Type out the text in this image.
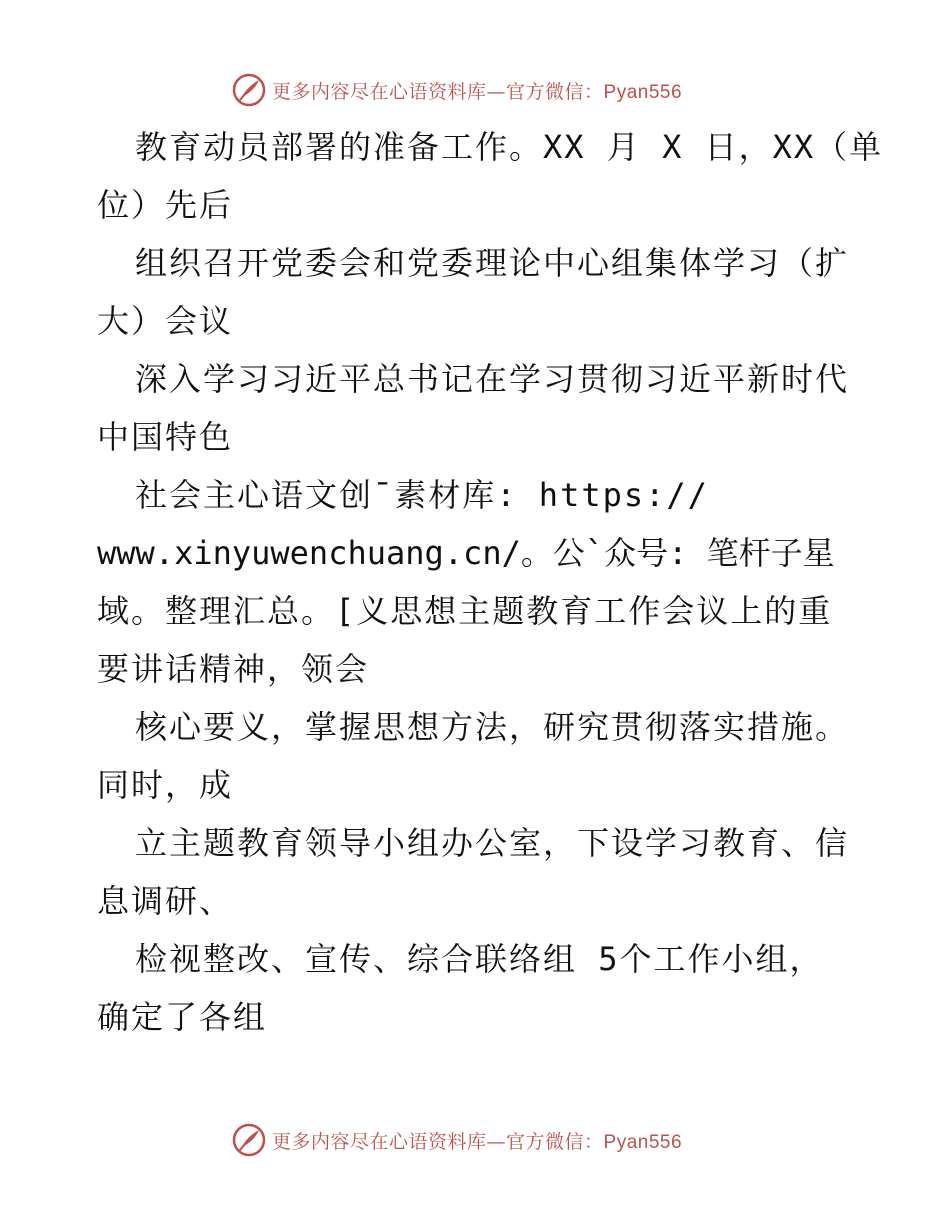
更多内容尽在心语资料库—官方微信：Pyan556
教育动员部署的准备工作。XX 月 X 日，XX（单
位）先后
组织召开党委会和党委理论中心组集体学习（扩
大）会议
深入学习习近平总书记在学习贯彻习近平新时代
中国特色
社会主心语文创¯素材库: https://
www.xinyuwenchuang.cn/。公`众号: 笔杆子星
域。整理汇总。[义思想主题教育工作会议上的重
要讲话精神，领会
核心要义，掌握思想方法，研究贯彻落实措施。
同时，成
立主题教育领导小组办公室，下设学习教育、信
息调研、
检视整改、宣传、综合联络组 5个工作小组，
确定了各组
更多内容尽在心语资料库—官方微信：Pyan556
